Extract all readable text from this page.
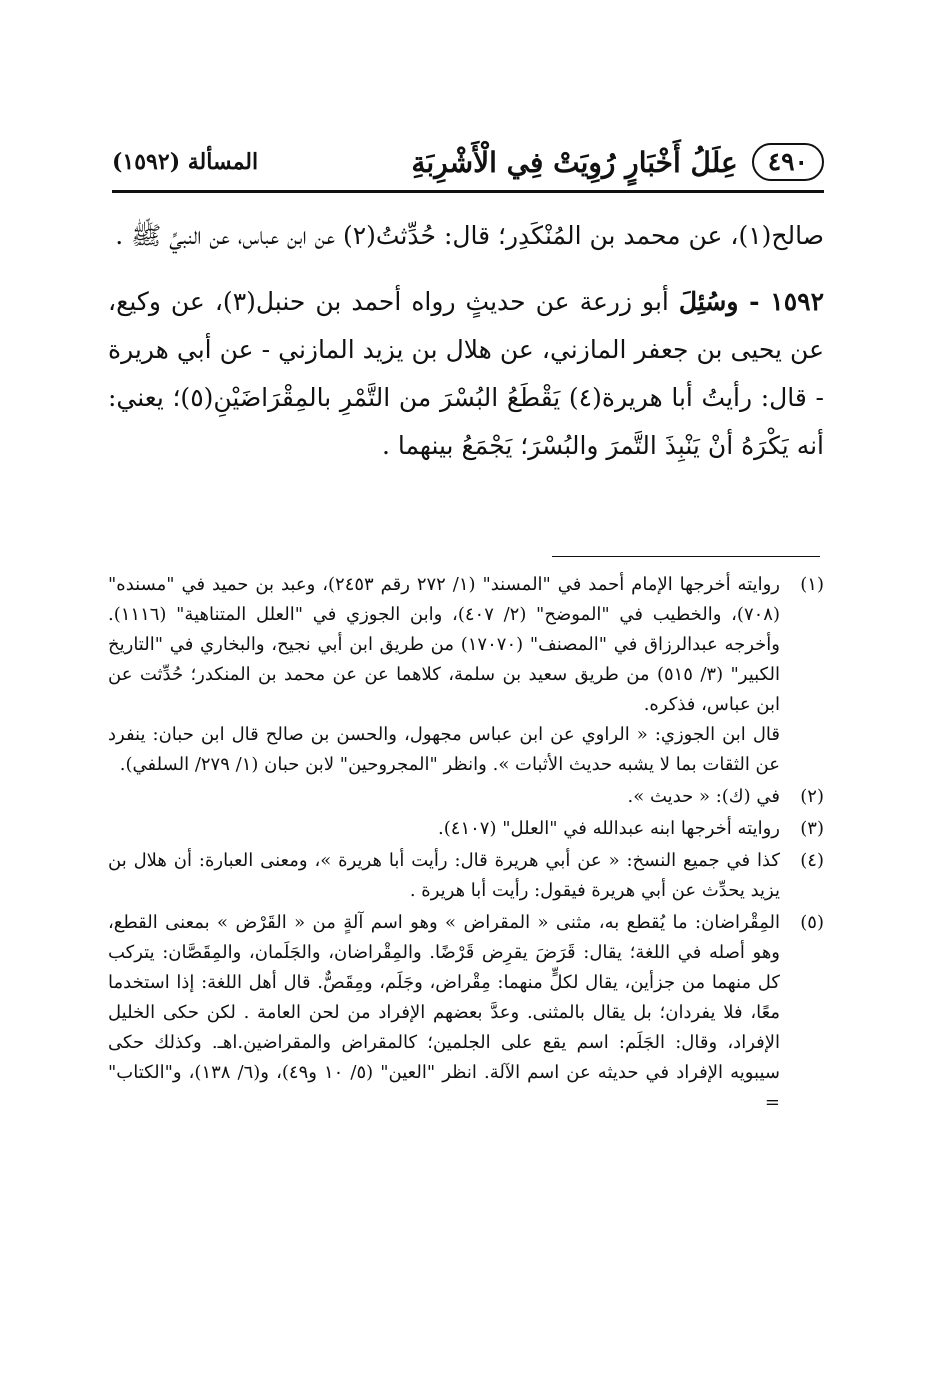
٤٩٠
عِلَلُ أَخْبَارٍ رُوِيَتْ فِي الْأَشْرِبَةِ
المسألة (١٥٩٢)

صالح(١)، عن محمد بن المُنْكَدِر؛ قال: حُدِّثتُ(٢) عن ابن عباس، عن النبيِّ ﷺ .

١٥٩٢ - وسُئِلَ أبو زرعة عن حديثٍ رواه أحمد بن حنبل(٣)، عن وكيع، عن يحيى بن جعفر المازني، عن هلال بن يزيد المازني - عن أبي هريرة - قال: رأيتُ أبا هريرة(٤) يَقْطَعُ البُسْرَ من التَّمْرِ بالمِقْرَاضَيْنِ(٥)؛ يعني: أنه يَكْرَهُ أنْ يَنْبِذَ التَّمرَ والبُسْرَ؛ يَجْمَعُ بينهما .

(١)
روايته أخرجها الإمام أحمد في "المسند" (١/ ٢٧٢ رقم ٢٤٥٣)، وعبد بن حميد في "مسنده" (٧٠٨)، والخطيب في "الموضح" (٢/ ٤٠٧)، وابن الجوزي في "العلل المتناهية" (١١١٦). وأخرجه عبدالرزاق في "المصنف" (١٧٠٧٠) من طريق ابن أبي نجيح، والبخاري في "التاريخ الكبير" (٣/ ٥١٥) من طريق سعيد بن سلمة، كلاهما عن عن محمد بن المنكدر؛ حُدِّثت عن ابن عباس، فذكره.
قال ابن الجوزي: « الراوي عن ابن عباس مجهول، والحسن بن صالح قال ابن حبان: ينفرد عن الثقات بما لا يشبه حديث الأثبات ». وانظر "المجروحين" لابن حبان (١/ ٢٧٩/ السلفي).
(٢)
في (ك): « حديث ».
(٣)
روايته أخرجها ابنه عبدالله في "العلل" (٤١٠٧).
(٤)
كذا في جميع النسخ: « عن أبي هريرة قال: رأيت أبا هريرة »، ومعنى العبارة: أن هلال بن يزيد يحدِّث عن أبي هريرة فيقول: رأيت أبا هريرة .
(٥)
المِقْراضان: ما يُقطع به، مثنى « المقراض » وهو اسم آلةٍ من « القَرْض » بمعنى القطع، وهو أصله في اللغة؛ يقال: قَرَضَ يقرِض قَرْضًا. والمِقْراضان، والجَلَمان، والمِقَصَّان: يتركب كل منهما من جزأين، يقال لكلٍّ منهما: مِقْراض، وجَلَم، ومِقَصٌّ. قال أهل اللغة: إذا استخدما معًا، فلا يفردان؛ بل يقال بالمثنى. وعدَّ بعضهم الإفراد من لحن العامة . لكن حكى الخليل الإفراد، وقال: الجَلَم: اسم يقع على الجلمين؛ كالمقراض والمقراضين.اهـ. وكذلك حكى سيبويه الإفراد في حديثه عن اسم الآلة. انظر "العين" (٥/ ١٠ و٤٩)، و(٦/ ١٣٨)، و"الكتاب" =
